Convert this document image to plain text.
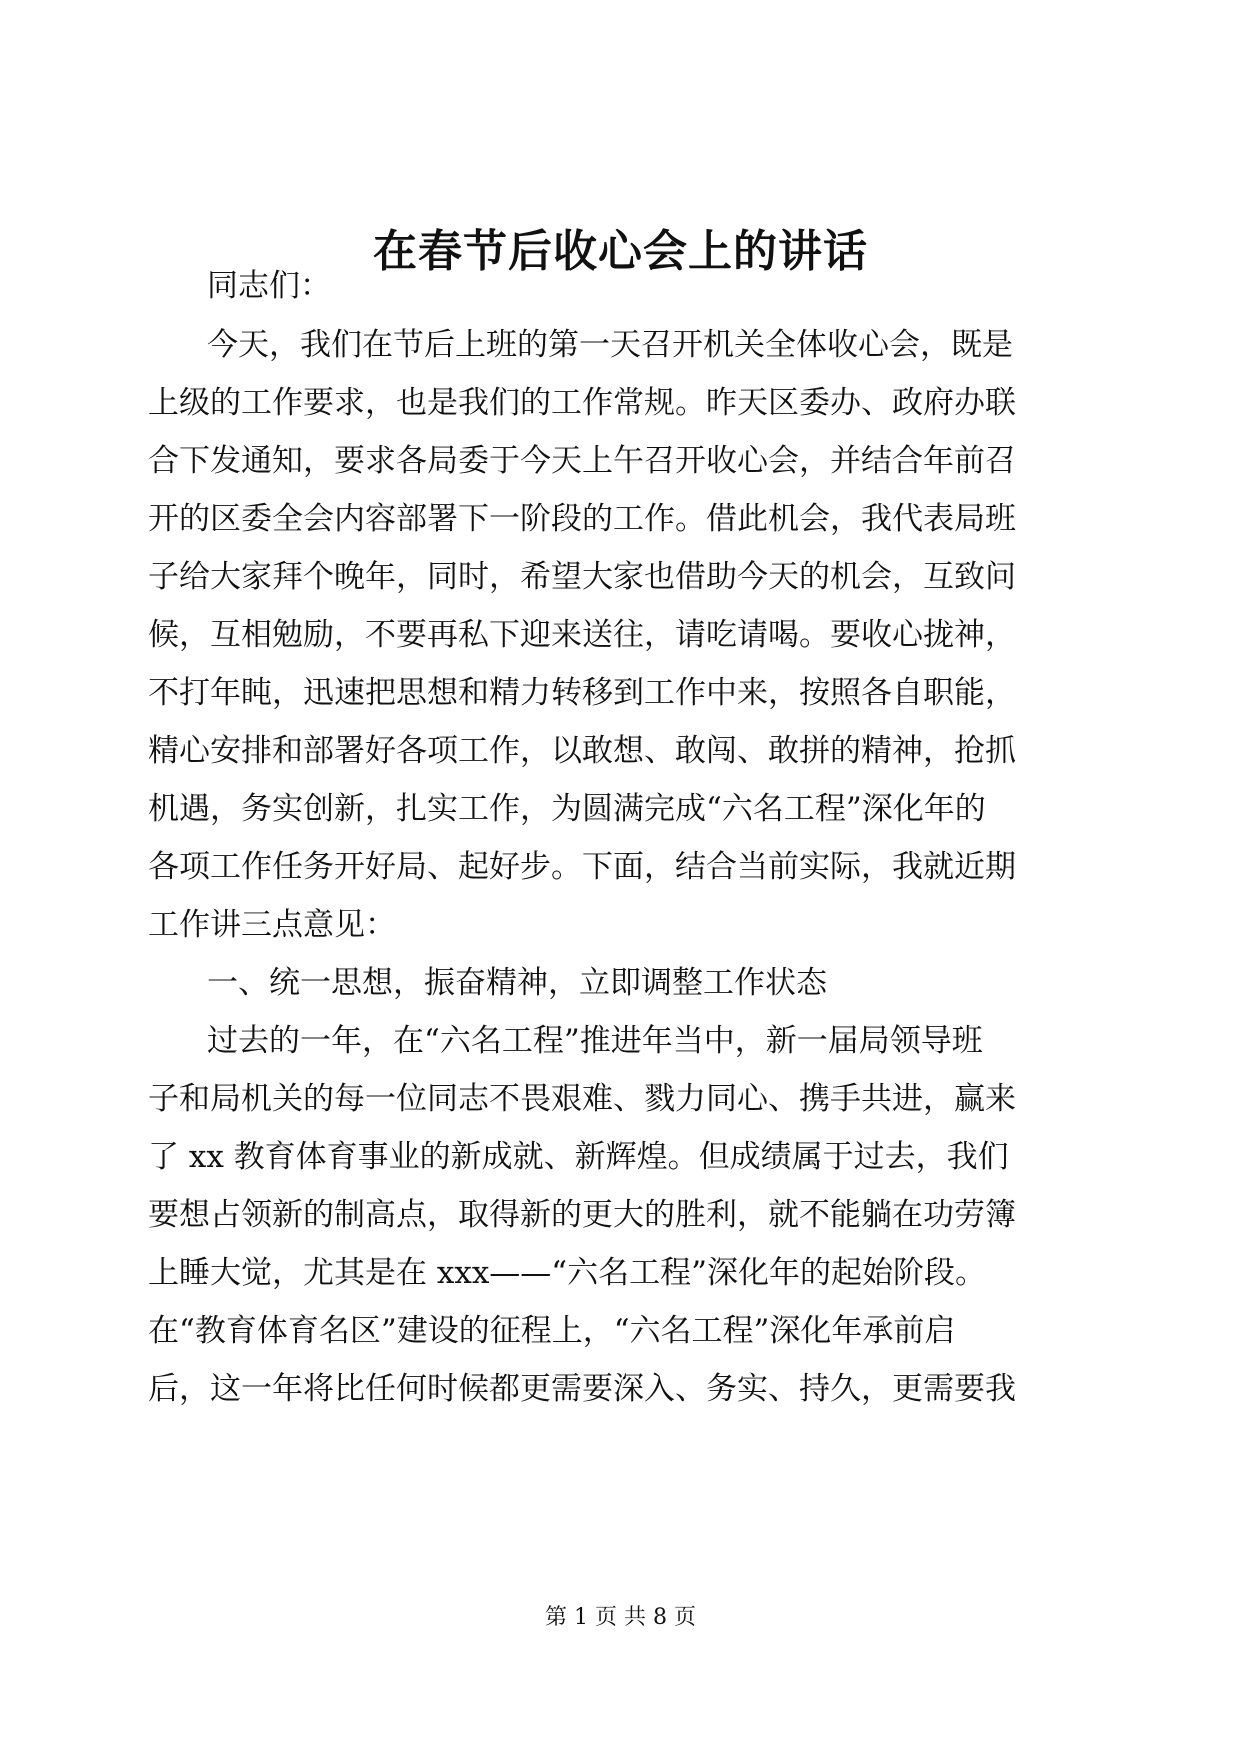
在春节后收心会上的讲话
同志们：
今天，我们在节后上班的第一天召开机关全体收心会，既是
上级的工作要求，也是我们的工作常规。昨天区委办、政府办联
合下发通知，要求各局委于今天上午召开收心会，并结合年前召
开的区委全会内容部署下一阶段的工作。借此机会，我代表局班
子给大家拜个晚年，同时，希望大家也借助今天的机会，互致问
候，互相勉励，不要再私下迎来送往，请吃请喝。要收心拢神，
不打年盹，迅速把思想和精力转移到工作中来，按照各自职能，
精心安排和部署好各项工作，以敢想、敢闯、敢拼的精神，抢抓
机遇，务实创新，扎实工作，为圆满完成“六名工程”深化年的
各项工作任务开好局、起好步。下面，结合当前实际，我就近期
工作讲三点意见：
一、统一思想，振奋精神，立即调整工作状态
过去的一年，在“六名工程”推进年当中，新一届局领导班
子和局机关的每一位同志不畏艰难、戮力同心、携手共进，赢来
了 xx 教育体育事业的新成就、新辉煌。但成绩属于过去，我们
要想占领新的制高点，取得新的更大的胜利，就不能躺在功劳簿
上睡大觉，尤其是在 xxx——“六名工程”深化年的起始阶段。
在“教育体育名区”建设的征程上，“六名工程”深化年承前启
后，这一年将比任何时候都更需要深入、务实、持久，更需要我
第 1 页 共 8 页
